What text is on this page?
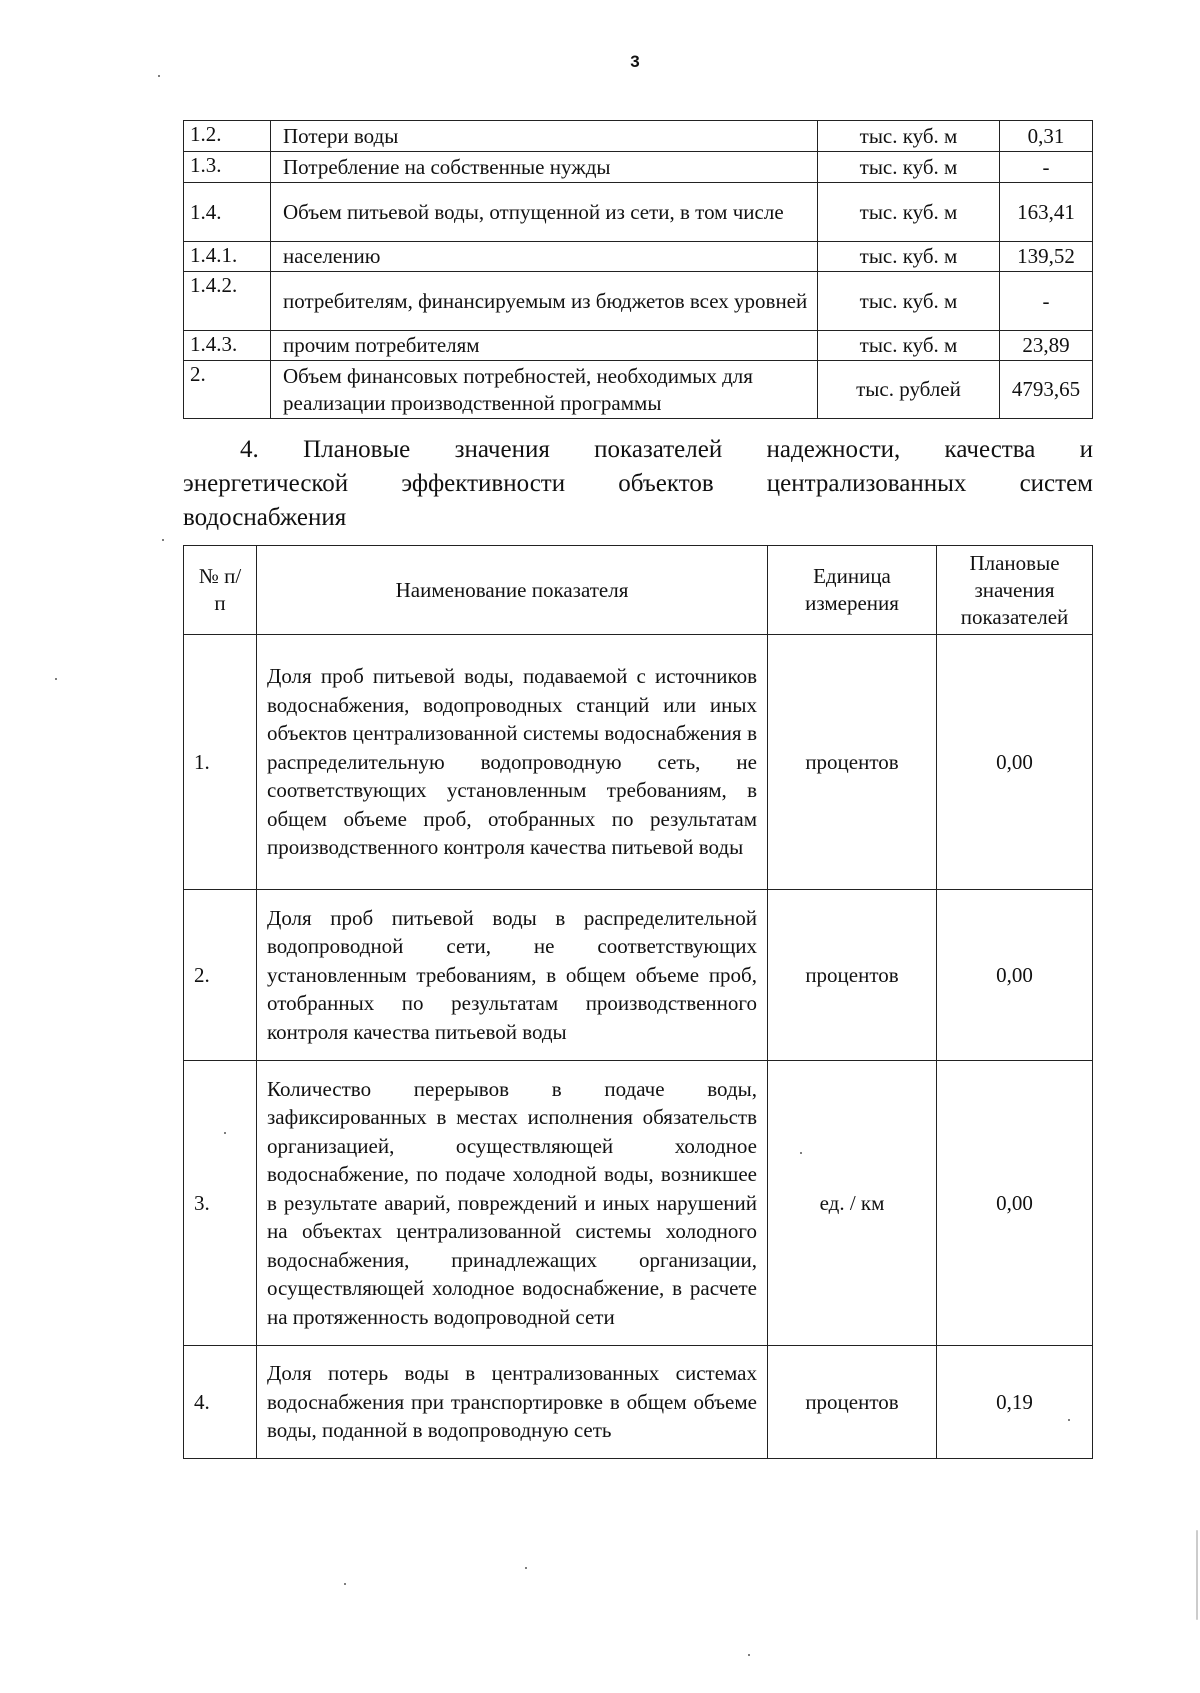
3
1.2.	Потери воды	тыс. куб. м	0,31
1.3.	Потребление на собственные нужды	тыс. куб. м	-
1.4.	Объем питьевой воды, отпущенной из сети, в том числе	тыс. куб. м	163,41
1.4.1.	населению	тыс. куб. м	139,52
1.4.2.	потребителям, финансируемым из бюджетов всех уровней	тыс. куб. м	-
1.4.3.	прочим потребителям	тыс. куб. м	23,89
2.	Объем финансовых потребностей, необходимых для реализации производственной программы	тыс. рублей	4793,65
4. Плановые значения показателей надежности, качества и
энергетической эффективности объектов централизованных систем
водоснабжения
№ п/п	Наименование показателя	Единица измерения	Плановые значения показателей
1.	Доля проб питьевой воды, подаваемой с источников водоснабжения, водопроводных станций или иных объектов централизованной системы водоснабжения в распределительную водопроводную сеть, не соответствующих установленным требованиям, в общем объеме проб, отобранных по результатам производственного контроля качества питьевой воды	процентов	0,00
2.	Доля проб питьевой воды в распределительной водопроводной сети, не соответствующих установленным требованиям, в общем объеме проб, отобранных по результатам производственного контроля качества питьевой воды	процентов	0,00
3.	Количество перерывов в подаче воды, зафиксированных в местах исполнения обязательств организацией, осуществляющей холодное водоснабжение, по подаче холодной воды, возникшее в результате аварий, повреждений и иных нарушений на объектах централизованной системы холодного водоснабжения, принадлежащих организации, осуществляющей холодное водоснабжение, в расчете на протяженность водопроводной сети	ед. / км	0,00
4.	Доля потерь воды в централизованных системах водоснабжения при транспортировке в общем объеме воды, поданной в водопроводную сеть	процентов	0,19
